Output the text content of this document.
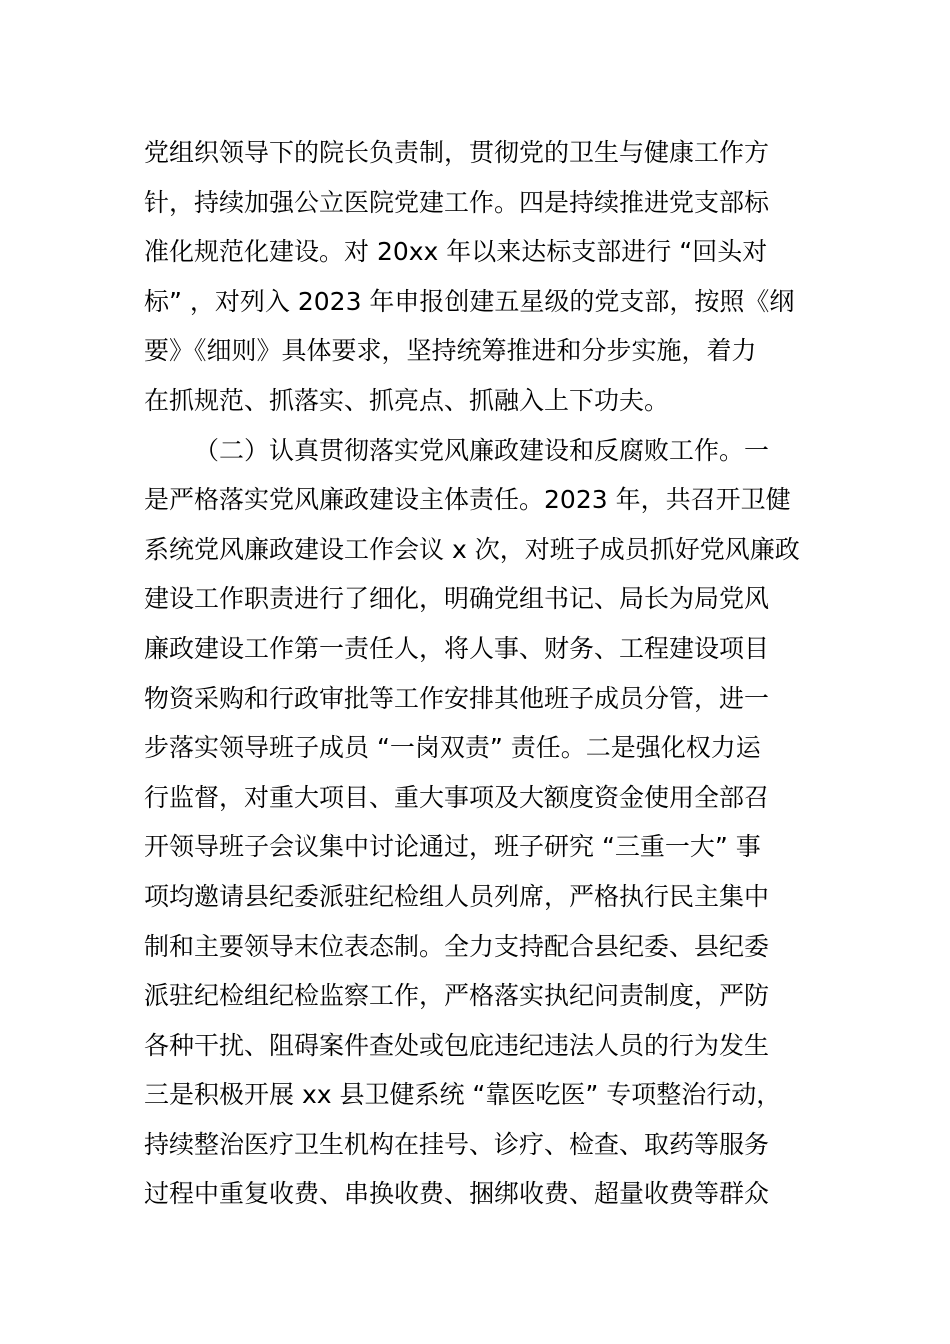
党组织领导下的院长负责制，贯彻党的卫生与健康工作方
针，持续加强公立医院党建工作。四是持续推进党支部标
准化规范化建设。对 20xx 年以来达标支部进行 “回头对
标” ，对列入 2023 年申报创建五星级的党支部，按照《纲
要》《细则》具体要求，坚持统筹推进和分步实施，着力
在抓规范、抓落实、抓亮点、抓融入上下功夫。
（二）认真贯彻落实党风廉政建设和反腐败工作。一
是严格落实党风廉政建设主体责任。2023 年，共召开卫健
系统党风廉政建设工作会议 x 次，对班子成员抓好党风廉政
建设工作职责进行了细化，明确党组书记、局长为局党风
廉政建设工作第一责任人，将人事、财务、工程建设项目
物资采购和行政审批等工作安排其他班子成员分管，进一
步落实领导班子成员 “一岗双责” 责任。二是强化权力运
行监督，对重大项目、重大事项及大额度资金使用全部召
开领导班子会议集中讨论通过，班子研究 “三重一大” 事
项均邀请县纪委派驻纪检组人员列席，严格执行民主集中
制和主要领导末位表态制。全力支持配合县纪委、县纪委
派驻纪检组纪检监察工作，严格落实执纪问责制度，严防
各种干扰、阻碍案件查处或包庇违纪违法人员的行为发生
三是积极开展 xx 县卫健系统 “靠医吃医” 专项整治行动，
持续整治医疗卫生机构在挂号、诊疗、检查、取药等服务
过程中重复收费、串换收费、捆绑收费、超量收费等群众
